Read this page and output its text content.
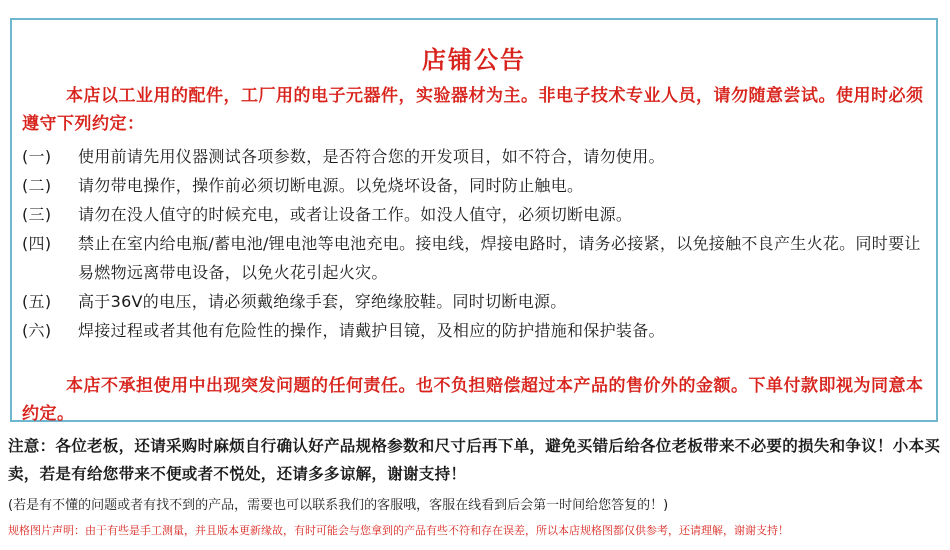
店铺公告

本店以工业用的配件，工厂用的电子元器件，实验器材为主。非电子技术专业人员，请勿随意尝试。使用时必须遵守下列约定：

(一)	使用前请先用仪器测试各项参数，是否符合您的开发项目，如不符合，请勿使用。
(二)	请勿带电操作，操作前必须切断电源。以免烧坏设备，同时防止触电。
(三)	请勿在没人值守的时候充电，或者让设备工作。如没人值守，必须切断电源。
(四)	禁止在室内给电瓶/蓄电池/锂电池等电池充电。接电线，焊接电路时，请务必接紧，以免接触不良产生火花。同时要让易燃物远离带电设备，以免火花引起火灾。
(五)	高于36V的电压，请必须戴绝缘手套，穿绝缘胶鞋。同时切断电源。
(六)	焊接过程或者其他有危险性的操作，请戴护目镜，及相应的防护措施和保护装备。

本店不承担使用中出现突发问题的任何责任。也不负担赔偿超过本产品的售价外的金额。下单付款即视为同意本约定。

注意：各位老板，还请采购时麻烦自行确认好产品规格参数和尺寸后再下单，避免买错后给各位老板带来不必要的损失和争议！小本买卖，若是有给您带来不便或者不悦处，还请多多谅解，谢谢支持！

(若是有不懂的问题或者有找不到的产品，需要也可以联系我们的客服哦，客服在线看到后会第一时间给您答复的！)

规格图片声明：由于有些是手工测量，并且版本更新缘故，有时可能会与您拿到的产品有些不符和存在误差，所以本店规格图都仅供参考，还请理解，谢谢支持！
